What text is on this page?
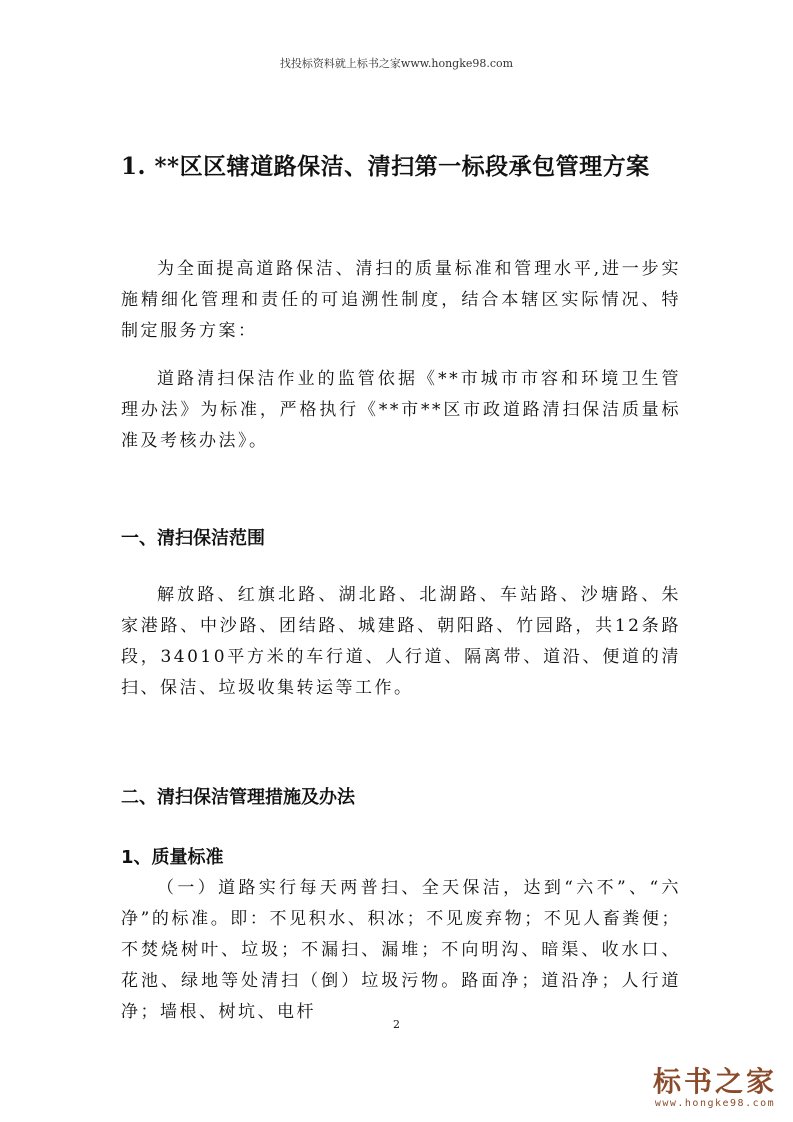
找投标资料就上标书之家www.hongke98.com
1. **区区辖道路保洁、清扫第一标段承包管理方案
为全面提高道路保洁、清扫的质量标准和管理水平,进一步实施精细化管理和责任的可追溯性制度，结合本辖区实际情况、特制定服务方案：
道路清扫保洁作业的监管依据《**市城市市容和环境卫生管理办法》为标准，严格执行《**市**区市政道路清扫保洁质量标准及考核办法》。
一、清扫保洁范围
解放路、红旗北路、湖北路、北湖路、车站路、沙塘路、朱家港路、中沙路、团结路、城建路、朝阳路、竹园路，共12条路段，34010平方米的车行道、人行道、隔离带、道沿、便道的清扫、保洁、垃圾收集转运等工作。
二、清扫保洁管理措施及办法
1、质量标准
（一）道路实行每天两普扫、全天保洁，达到“六不”、“六净”的标准。即：不见积水、积冰；不见废弃物；不见人畜粪便；不焚烧树叶、垃圾；不漏扫、漏堆；不向明沟、暗渠、收水口、花池、绿地等处清扫（倒）垃圾污物。路面净；道沿净；人行道净；墙根、树坑、电杆
2
标书之家
www.hongke98.com
